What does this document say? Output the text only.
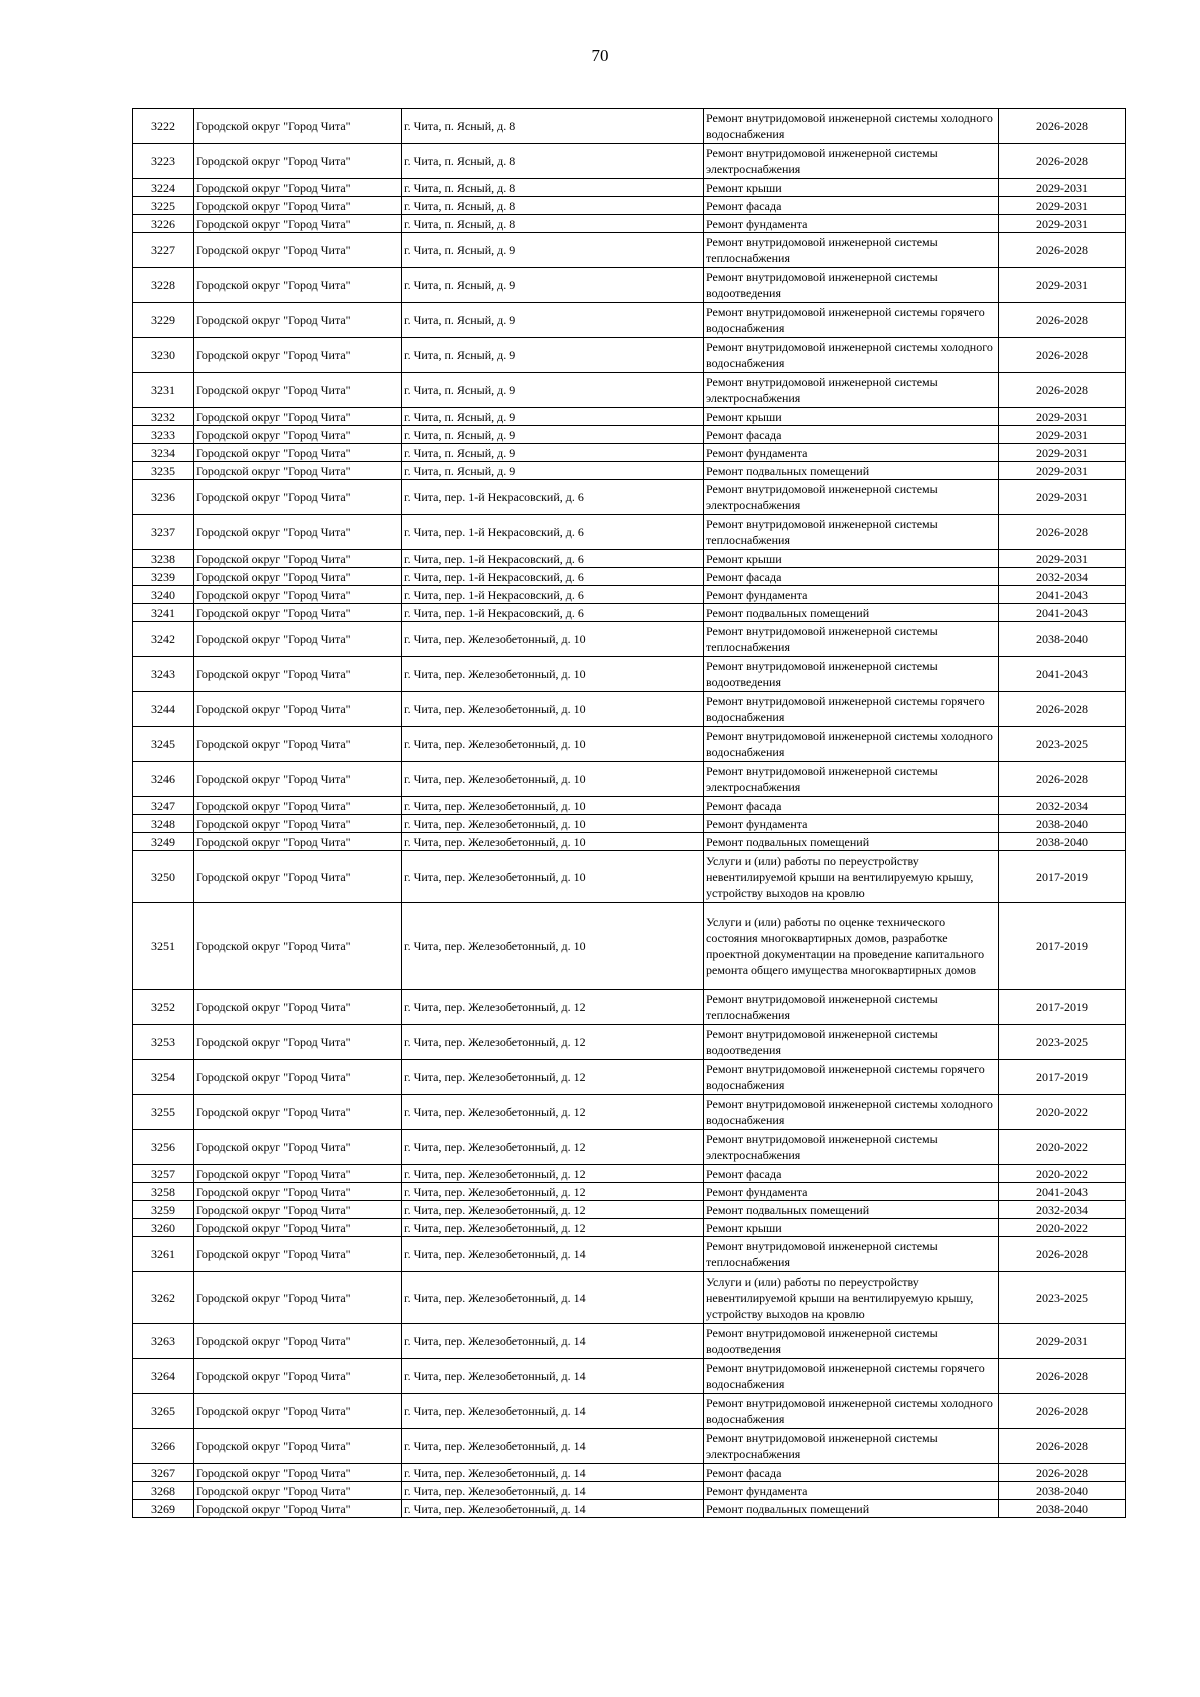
70
3222	Городской округ "Город Чита"	г. Чита, п. Ясный, д. 8	Ремонт внутридомовой инженерной системы холодного водоснабжения	2026-2028
3223	Городской округ "Город Чита"	г. Чита, п. Ясный, д. 8	Ремонт внутридомовой инженерной системы электроснабжения	2026-2028
3224	Городской округ "Город Чита"	г. Чита, п. Ясный, д. 8	Ремонт крыши	2029-2031
3225	Городской округ "Город Чита"	г. Чита, п. Ясный, д. 8	Ремонт фасада	2029-2031
3226	Городской округ "Город Чита"	г. Чита, п. Ясный, д. 8	Ремонт фундамента	2029-2031
3227	Городской округ "Город Чита"	г. Чита, п. Ясный, д. 9	Ремонт внутридомовой инженерной системы теплоснабжения	2026-2028
3228	Городской округ "Город Чита"	г. Чита, п. Ясный, д. 9	Ремонт внутридомовой инженерной системы водоотведения	2029-2031
3229	Городской округ "Город Чита"	г. Чита, п. Ясный, д. 9	Ремонт внутридомовой инженерной системы горячего водоснабжения	2026-2028
3230	Городской округ "Город Чита"	г. Чита, п. Ясный, д. 9	Ремонт внутридомовой инженерной системы холодного водоснабжения	2026-2028
3231	Городской округ "Город Чита"	г. Чита, п. Ясный, д. 9	Ремонт внутридомовой инженерной системы электроснабжения	2026-2028
3232	Городской округ "Город Чита"	г. Чита, п. Ясный, д. 9	Ремонт крыши	2029-2031
3233	Городской округ "Город Чита"	г. Чита, п. Ясный, д. 9	Ремонт фасада	2029-2031
3234	Городской округ "Город Чита"	г. Чита, п. Ясный, д. 9	Ремонт фундамента	2029-2031
3235	Городской округ "Город Чита"	г. Чита, п. Ясный, д. 9	Ремонт подвальных помещений	2029-2031
3236	Городской округ "Город Чита"	г. Чита, пер. 1-й Некрасовский, д. 6	Ремонт внутридомовой инженерной системы электроснабжения	2029-2031
3237	Городской округ "Город Чита"	г. Чита, пер. 1-й Некрасовский, д. 6	Ремонт внутридомовой инженерной системы теплоснабжения	2026-2028
3238	Городской округ "Город Чита"	г. Чита, пер. 1-й Некрасовский, д. 6	Ремонт крыши	2029-2031
3239	Городской округ "Город Чита"	г. Чита, пер. 1-й Некрасовский, д. 6	Ремонт фасада	2032-2034
3240	Городской округ "Город Чита"	г. Чита, пер. 1-й Некрасовский, д. 6	Ремонт фундамента	2041-2043
3241	Городской округ "Город Чита"	г. Чита, пер. 1-й Некрасовский, д. 6	Ремонт подвальных помещений	2041-2043
3242	Городской округ "Город Чита"	г. Чита, пер. Железобетонный, д. 10	Ремонт внутридомовой инженерной системы теплоснабжения	2038-2040
3243	Городской округ "Город Чита"	г. Чита, пер. Железобетонный, д. 10	Ремонт внутридомовой инженерной системы водоотведения	2041-2043
3244	Городской округ "Город Чита"	г. Чита, пер. Железобетонный, д. 10	Ремонт внутридомовой инженерной системы горячего водоснабжения	2026-2028
3245	Городской округ "Город Чита"	г. Чита, пер. Железобетонный, д. 10	Ремонт внутридомовой инженерной системы холодного водоснабжения	2023-2025
3246	Городской округ "Город Чита"	г. Чита, пер. Железобетонный, д. 10	Ремонт внутридомовой инженерной системы электроснабжения	2026-2028
3247	Городской округ "Город Чита"	г. Чита, пер. Железобетонный, д. 10	Ремонт фасада	2032-2034
3248	Городской округ "Город Чита"	г. Чита, пер. Железобетонный, д. 10	Ремонт фундамента	2038-2040
3249	Городской округ "Город Чита"	г. Чита, пер. Железобетонный, д. 10	Ремонт подвальных помещений	2038-2040
3250	Городской округ "Город Чита"	г. Чита, пер. Железобетонный, д. 10	Услуги и (или) работы по переустройству невентилируемой крыши на вентилируемую крышу, устройству выходов на кровлю	2017-2019
3251	Городской округ "Город Чита"	г. Чита, пер. Железобетонный, д. 10	Услуги и (или) работы по оценке технического состояния многоквартирных домов, разработке проектной документации на проведение капитального ремонта общего имущества многоквартирных домов	2017-2019
3252	Городской округ "Город Чита"	г. Чита, пер. Железобетонный, д. 12	Ремонт внутридомовой инженерной системы теплоснабжения	2017-2019
3253	Городской округ "Город Чита"	г. Чита, пер. Железобетонный, д. 12	Ремонт внутридомовой инженерной системы водоотведения	2023-2025
3254	Городской округ "Город Чита"	г. Чита, пер. Железобетонный, д. 12	Ремонт внутридомовой инженерной системы горячего водоснабжения	2017-2019
3255	Городской округ "Город Чита"	г. Чита, пер. Железобетонный, д. 12	Ремонт внутридомовой инженерной системы холодного водоснабжения	2020-2022
3256	Городской округ "Город Чита"	г. Чита, пер. Железобетонный, д. 12	Ремонт внутридомовой инженерной системы электроснабжения	2020-2022
3257	Городской округ "Город Чита"	г. Чита, пер. Железобетонный, д. 12	Ремонт фасада	2020-2022
3258	Городской округ "Город Чита"	г. Чита, пер. Железобетонный, д. 12	Ремонт фундамента	2041-2043
3259	Городской округ "Город Чита"	г. Чита, пер. Железобетонный, д. 12	Ремонт подвальных помещений	2032-2034
3260	Городской округ "Город Чита"	г. Чита, пер. Железобетонный, д. 12	Ремонт крыши	2020-2022
3261	Городской округ "Город Чита"	г. Чита, пер. Железобетонный, д. 14	Ремонт внутридомовой инженерной системы теплоснабжения	2026-2028
3262	Городской округ "Город Чита"	г. Чита, пер. Железобетонный, д. 14	Услуги и (или) работы по переустройству невентилируемой крыши на вентилируемую крышу, устройству выходов на кровлю	2023-2025
3263	Городской округ "Город Чита"	г. Чита, пер. Железобетонный, д. 14	Ремонт внутридомовой инженерной системы водоотведения	2029-2031
3264	Городской округ "Город Чита"	г. Чита, пер. Железобетонный, д. 14	Ремонт внутридомовой инженерной системы горячего водоснабжения	2026-2028
3265	Городской округ "Город Чита"	г. Чита, пер. Железобетонный, д. 14	Ремонт внутридомовой инженерной системы холодного водоснабжения	2026-2028
3266	Городской округ "Город Чита"	г. Чита, пер. Железобетонный, д. 14	Ремонт внутридомовой инженерной системы электроснабжения	2026-2028
3267	Городской округ "Город Чита"	г. Чита, пер. Железобетонный, д. 14	Ремонт фасада	2026-2028
3268	Городской округ "Город Чита"	г. Чита, пер. Железобетонный, д. 14	Ремонт фундамента	2038-2040
3269	Городской округ "Город Чита"	г. Чита, пер. Железобетонный, д. 14	Ремонт подвальных помещений	2038-2040
